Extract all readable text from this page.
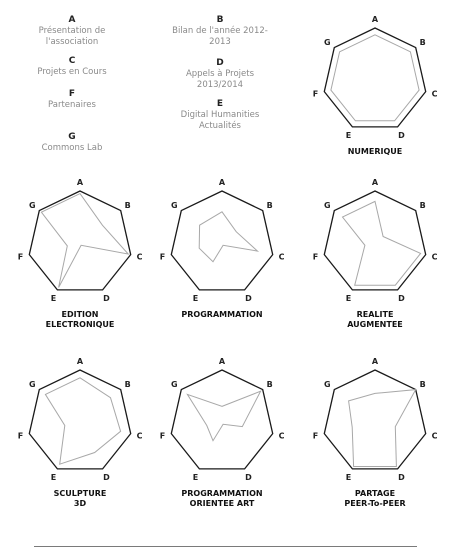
A
Présentation de l'association
B
Bilan de l'année 2012-2013
C
Projets en Cours
D
Appels à Projets 2013/2014
F
Partenaires	E
Digital Humanities Actualités
G
Commons Lab
A
B
C
D
E
F
G
NUMERIQUE
A
B
C
D
E
F
G
EDITION
ELECTRONIQUE
A
B
C
D
E
F
G
PROGRAMMATION
A
B
C
D
E
F
G
REALITE
AUGMENTEE
A
B
C
D
E
F
G
SCULPTURE
3D
A
B
C
D
E
F
G
PROGRAMMATION
ORIENTEE ART
A
B
C
D
E
F
G
PARTAGE
PEER-To-PEER
